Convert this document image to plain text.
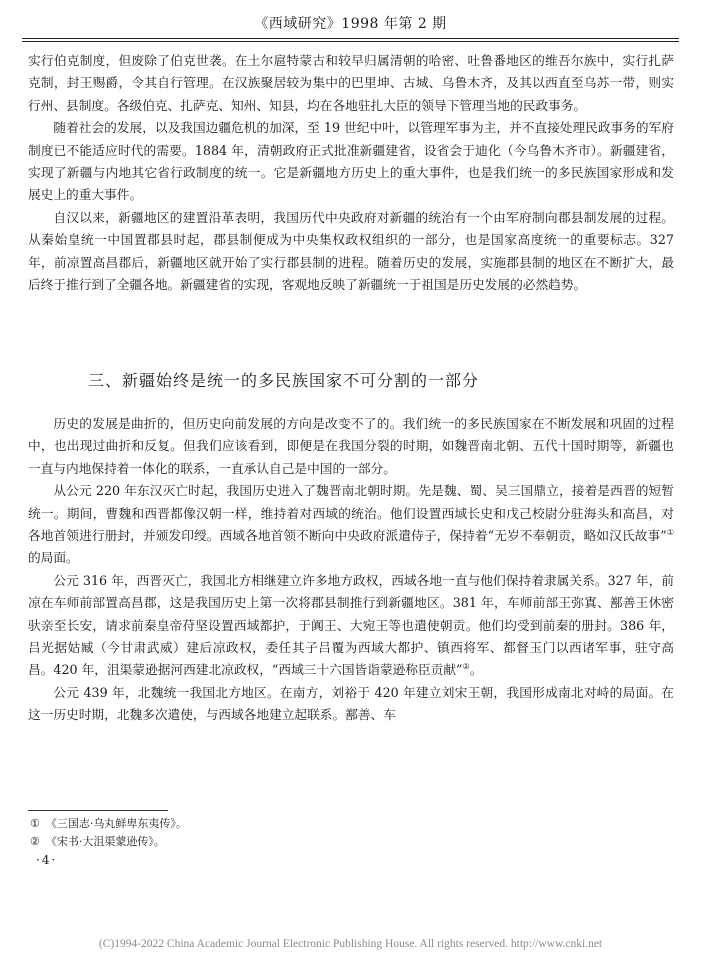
《西域研究》1998 年第 2 期

实行伯克制度，但废除了伯克世袭。在土尔扈特蒙古和较早归属清朝的哈密、吐鲁番地区的维吾尔族中，实行扎萨克制，封王赐爵，令其自行管理。在汉族聚居较为集中的巴里坤、古城、乌鲁木齐，及其以西直至乌苏一带，则实行州、县制度。各级伯克、扎萨克、知州、知县，均在各地驻扎大臣的领导下管理当地的民政事务。

随着社会的发展，以及我国边疆危机的加深，至 19 世纪中叶，以管理军事为主，并不直接处理民政事务的军府制度已不能适应时代的需要。1884 年，清朝政府正式批准新疆建省，设省会于迪化（今乌鲁木齐市）。新疆建省，实现了新疆与内地其它省行政制度的统一。它是新疆地方历史上的重大事件，也是我们统一的多民族国家形成和发展史上的重大事件。

自汉以来，新疆地区的建置沿革表明，我国历代中央政府对新疆的统治有一个由军府制向郡县制发展的过程。从秦始皇统一中国置郡县时起，郡县制便成为中央集权政权组织的一部分，也是国家高度统一的重要标志。327 年，前凉置高昌郡后，新疆地区就开始了实行郡县制的进程。随着历史的发展，实施郡县制的地区在不断扩大，最后终于推行到了全疆各地。新疆建省的实现，客观地反映了新疆统一于祖国是历史发展的必然趋势。

三、新疆始终是统一的多民族国家不可分割的一部分

历史的发展是曲折的，但历史向前发展的方向是改变不了的。我们统一的多民族国家在不断发展和巩固的过程中，也出现过曲折和反复。但我们应该看到，即便是在我国分裂的时期，如魏晋南北朝、五代十国时期等，新疆也一直与内地保持着一体化的联系，一直承认自己是中国的一部分。

从公元 220 年东汉灭亡时起，我国历史进入了魏晋南北朝时期。先是魏、蜀、吴三国鼎立，接着是西晋的短暂统一。期间，曹魏和西晋都像汉朝一样，维持着对西域的统治。他们设置西域长史和戊己校尉分驻海头和高昌，对各地首领进行册封，并颁发印绶。西域各地首领不断向中央政府派遣侍子，保持着“无岁不奉朝贡，略如汉氏故事”① 的局面。

公元 316 年，西晋灭亡，我国北方相继建立许多地方政权，西域各地一直与他们保持着隶属关系。327 年，前凉在车师前部置高昌郡，这是我国历史上第一次将郡县制推行到新疆地区。381 年，车师前部王弥寘、鄯善王休密驮亲至长安，请求前秦皇帝苻坚设置西域都护，于阗王、大宛王等也遣使朝贡。他们均受到前秦的册封。386 年，吕光据姑臧（今甘肃武威）建后凉政权，委任其子吕覆为西域大都护、镇西将军、都督玉门以西诸军事，驻守高昌。420 年，沮渠蒙逊据河西建北凉政权，“西域三十六国皆诣蒙逊称臣贡献”②。

公元 439 年，北魏统一我国北方地区。在南方，刘裕于 420 年建立刘宋王朝，我国形成南北对峙的局面。在这一历史时期，北魏多次遣使，与西域各地建立起联系。鄯善、车

① 《三国志·乌丸鲜卑东夷传》。
② 《宋书·大沮渠蒙逊传》。
·4·
(C)1994-2022 China Academic Journal Electronic Publishing House. All rights reserved. http://www.cnki.net
